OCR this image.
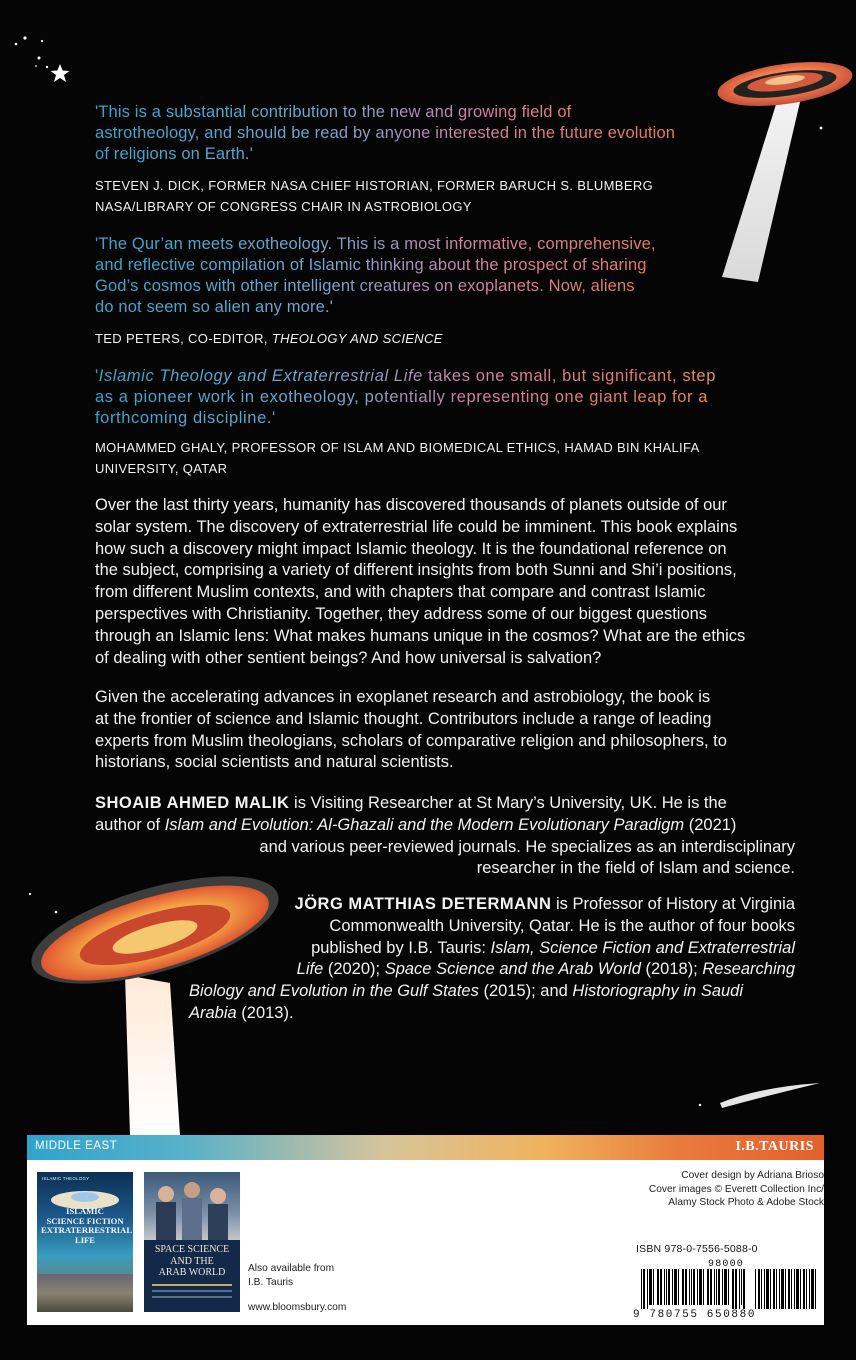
'This is a substantial contribution to the new and growing field of
astrotheology, and should be read by anyone interested in the future evolution
of religions on Earth.'
STEVEN J. DICK, FORMER NASA CHIEF HISTORIAN, FORMER BARUCH S. BLUMBERG
NASA/LIBRARY OF CONGRESS CHAIR IN ASTROBIOLOGY
'The Qur’an meets exotheology. This is a most informative, comprehensive,
and reflective compilation of Islamic thinking about the prospect of sharing
God’s cosmos with other intelligent creatures on exoplanets. Now, aliens
do not seem so alien any more.'
TED PETERS, CO-EDITOR, THEOLOGY AND SCIENCE
'Islamic Theology and Extraterrestrial Life takes one small, but significant, step
as a pioneer work in exotheology, potentially representing one giant leap for a
forthcoming discipline.'
MOHAMMED GHALY, PROFESSOR OF ISLAM AND BIOMEDICAL ETHICS, HAMAD BIN KHALIFA
UNIVERSITY, QATAR
Over the last thirty years, humanity has discovered thousands of planets outside of our
solar system. The discovery of extraterrestrial life could be imminent. This book explains
how such a discovery might impact Islamic theology. It is the foundational reference on
the subject, comprising a variety of different insights from both Sunni and Shi’i positions,
from different Muslim contexts, and with chapters that compare and contrast Islamic
perspectives with Christianity. Together, they address some of our biggest questions
through an Islamic lens: What makes humans unique in the cosmos? What are the ethics
of dealing with other sentient beings? And how universal is salvation?
Given the accelerating advances in exoplanet research and astrobiology, the book is
at the frontier of science and Islamic thought. Contributors include a range of leading
experts from Muslim theologians, scholars of comparative religion and philosophers, to
historians, social scientists and natural scientists.
SHOAIB AHMED MALIK is Visiting Researcher at St Mary’s University, UK. He is the
author of Islam and Evolution: Al-Ghazali and the Modern Evolutionary Paradigm (2021)
and various peer-reviewed journals. He specializes as an interdisciplinary
researcher in the field of Islam and science.
JÖRG MATTHIAS DETERMANN is Professor of History at Virginia
Commonwealth University, Qatar. He is the author of four books
published by I.B. Tauris: Islam, Science Fiction and Extraterrestrial
Life (2020); Space Science and the Arab World (2018); Researching
Biology and Evolution in the Gulf States (2015); and Historiography in Saudi
Arabia (2013).
MIDDLE EAST	I.B.TAURIS
ISLAMIC THEOLOGY
ISLAMIC
SCIENCE FICTION
EXTRATERRESTRIAL
LIFE
SPACE SCIENCE
AND THE
ARAB WORLD	Also available from
I.B. Tauris
www.bloomsbury.com
Cover design by Adriana Brioso
Cover images © Everett Collection Inc/
Alamy Stock Photo & Adobe Stock
ISBN 978-0-7556-5088-0
98000
9 780755 650880
